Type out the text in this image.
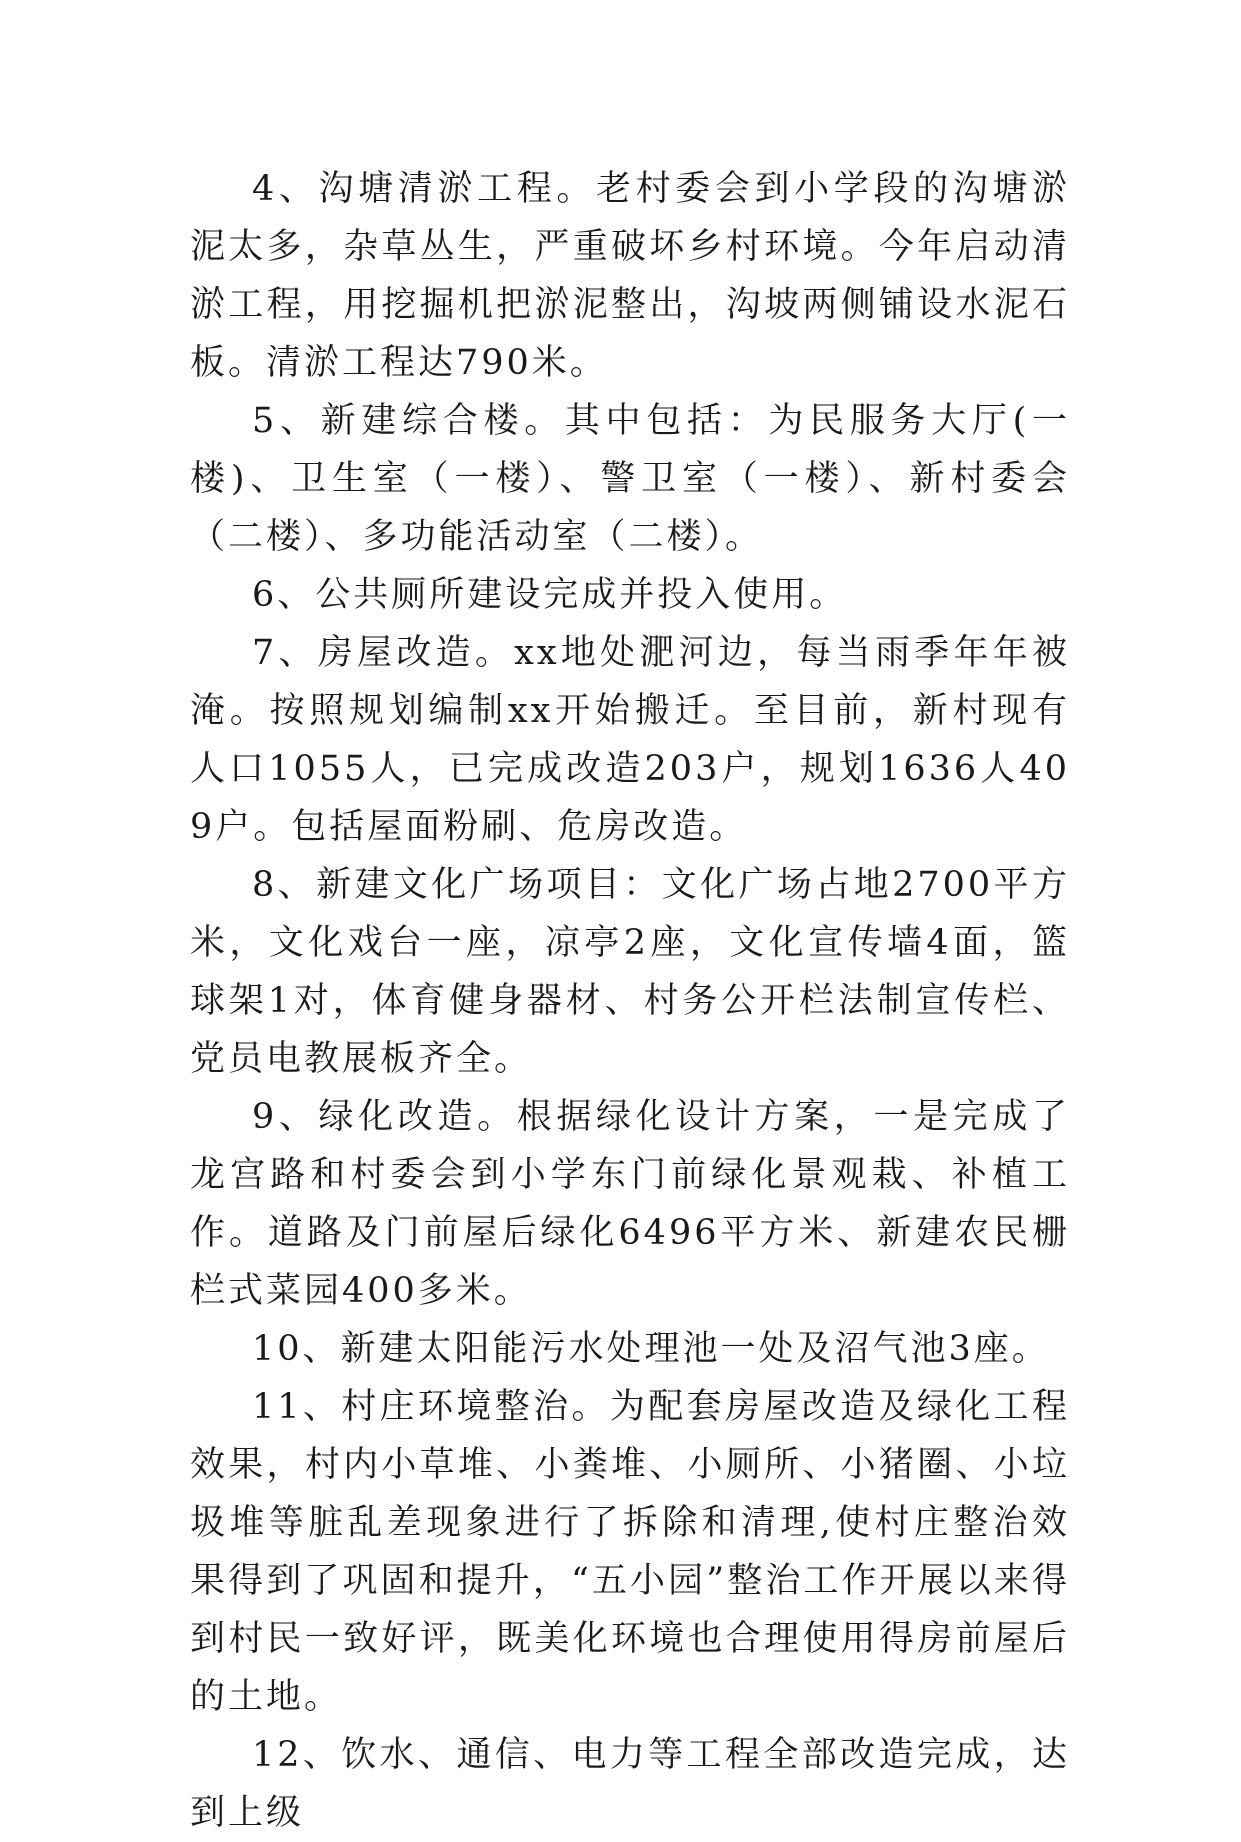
4、沟塘清淤工程。老村委会到小学段的沟塘淤泥太多，杂草丛生，严重破坏乡村环境。今年启动清淤工程，用挖掘机把淤泥整出，沟坡两侧铺设水泥石板。清淤工程达790米。

5、新建综合楼。其中包括：为民服务大厅(一楼)、卫生室（一楼）、警卫室（一楼）、新村委会（二楼）、多功能活动室（二楼）。

6、公共厕所建设完成并投入使用。

7、房屋改造。xx地处淝河边，每当雨季年年被淹。按照规划编制xx开始搬迁。至目前，新村现有人口1055人，已完成改造203户，规划1636人409户。包括屋面粉刷、危房改造。

8、新建文化广场项目：文化广场占地2700平方米，文化戏台一座，凉亭2座，文化宣传墙4面，篮球架1对，体育健身器材、村务公开栏法制宣传栏、党员电教展板齐全。

9、绿化改造。根据绿化设计方案，一是完成了龙宫路和村委会到小学东门前绿化景观栽、补植工作。道路及门前屋后绿化6496平方米、新建农民栅栏式菜园400多米。

10、新建太阳能污水处理池一处及沼气池3座。

11、村庄环境整治。为配套房屋改造及绿化工程效果，村内小草堆、小粪堆、小厕所、小猪圈、小垃圾堆等脏乱差现象进行了拆除和清理,使村庄整治效果得到了巩固和提升，“五小园”整治工作开展以来得到村民一致好评，既美化环境也合理使用得房前屋后的土地。

12、饮水、通信、电力等工程全部改造完成，达到上级
